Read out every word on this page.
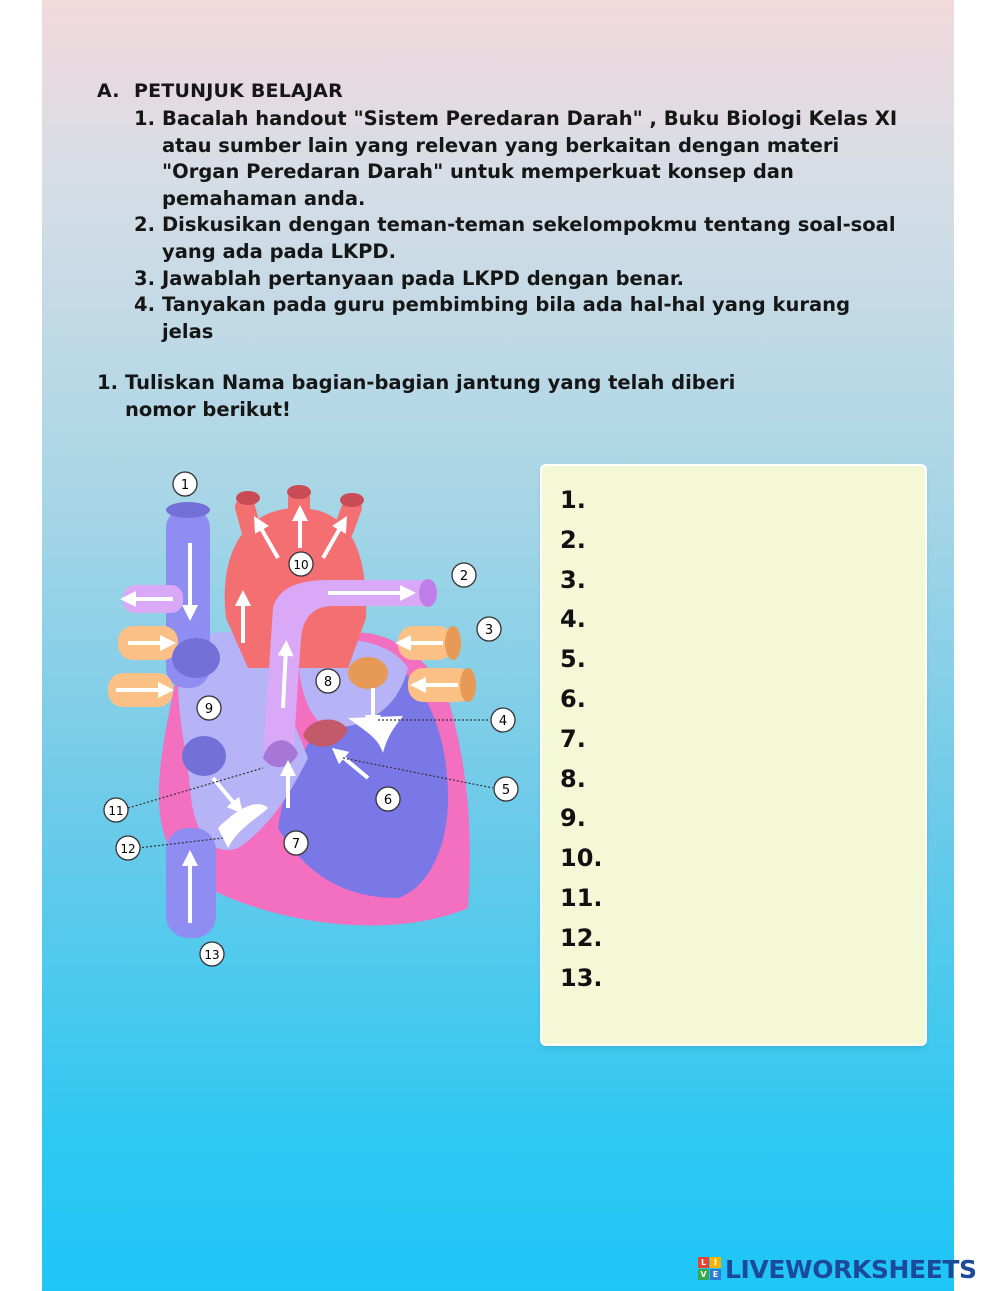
A. PETUNJUK BELAJAR
1. Bacalah handout "Sistem Peredaran Darah" , Buku Biologi Kelas XI
atau sumber lain yang relevan yang berkaitan dengan materi
"Organ Peredaran Darah" untuk memperkuat konsep dan
pemahaman anda.
2. Diskusikan dengan teman-teman sekelompokmu tentang soal-soal
yang ada pada LKPD.
3. Jawablah pertanyaan pada LKPD dengan benar.
4. Tanyakan pada guru pembimbing bila ada hal-hal yang kurang
jelas
1. Tuliskan Nama bagian-bagian jantung yang telah diberi
nomor berikut!
1
2
3
4
5
6
7
8
9
10
11
12
13
1.
2.
3.
4.
5.
6.
7.
8.
9.
10.
11.
12.
13.
L I
V E LIVEWORKSHEETS
